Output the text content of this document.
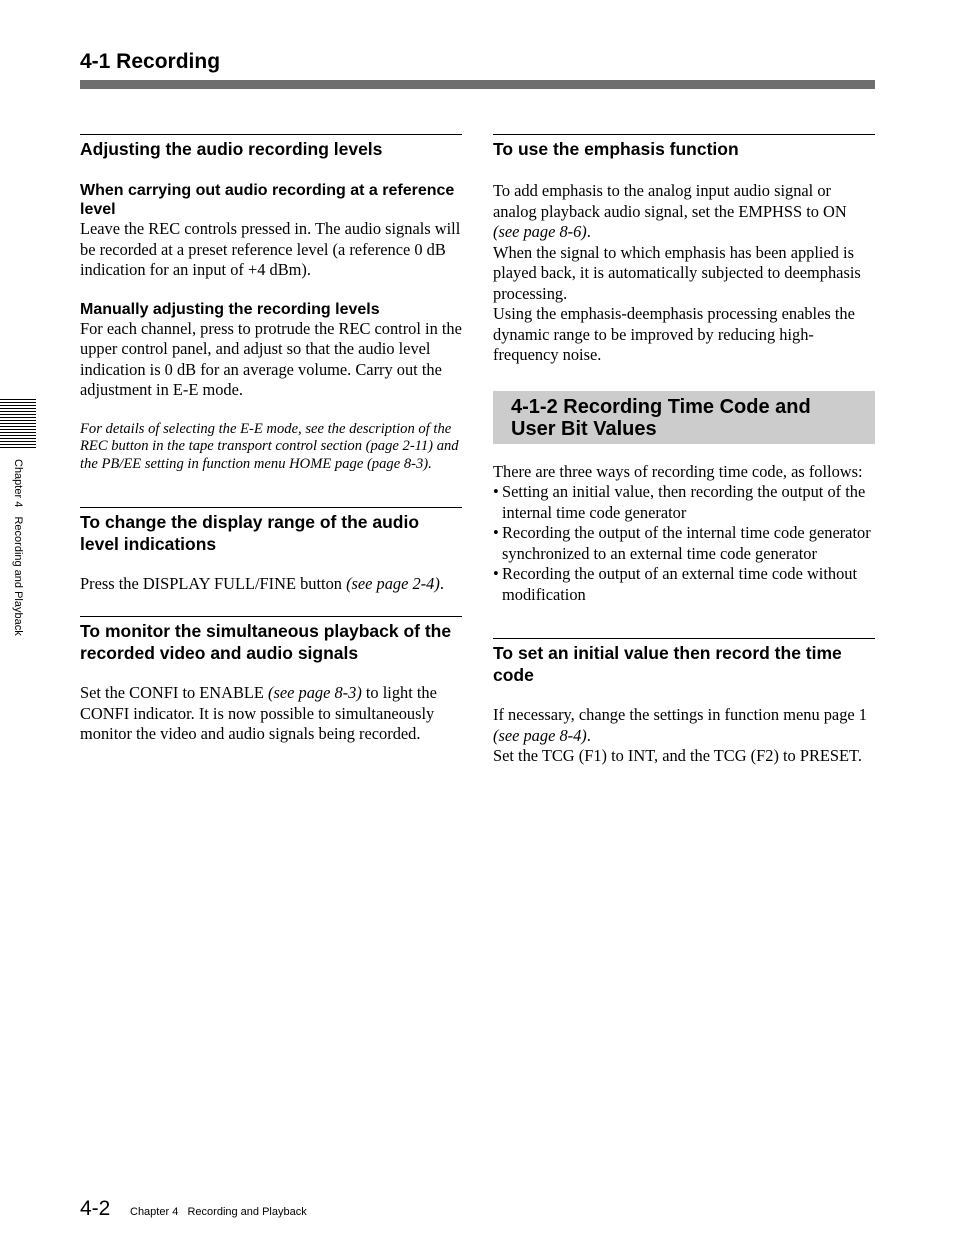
4-1 Recording
Chapter 4   Recording and Playback
Adjusting the audio recording levels
When carrying out audio recording at a reference level

Leave the REC controls pressed in. The audio signals will be recorded at a preset reference level (a reference 0 dB indication for an input of +4 dBm).

Manually adjusting the recording levels

For each channel, press to protrude the REC control in the upper control panel, and adjust so that the audio level indication is 0 dB for an average volume. Carry out the adjustment in E-E mode.

For details of selecting the E-E mode, see the description of the REC button in the tape transport control section (page 2-11) and the PB/EE setting in function menu HOME page (page 8-3).

To change the display range of the audio level indications

Press the DISPLAY FULL/FINE button (see page 2-4).

To monitor the simultaneous playback of the recorded video and audio signals

Set the CONFI to ENABLE (see page 8-3) to light the CONFI indicator. It is now possible to simultaneously monitor the video and audio signals being recorded.

To use the emphasis function

To add emphasis to the analog input audio signal or analog playback audio signal, set the EMPHSS to ON (see page 8-6).

When the signal to which emphasis has been applied is played back, it is automatically subjected to deemphasis processing.

Using the emphasis-deemphasis processing enables the dynamic range to be improved by reducing high-frequency noise.

4-1-2 Recording Time Code and User Bit Values

There are three ways of recording time code, as follows:

• Setting an initial value, then recording the output of the internal time code generator
• Recording the output of the internal time code generator synchronized to an external time code generator
• Recording the output of an external time code without modification
To set an initial value then record the time code

If necessary, change the settings in function menu page 1 (see page 8-4).

Set the TCG (F1) to INT, and the TCG (F2) to PRESET.

4-2 Chapter 4 Recording and Playback
